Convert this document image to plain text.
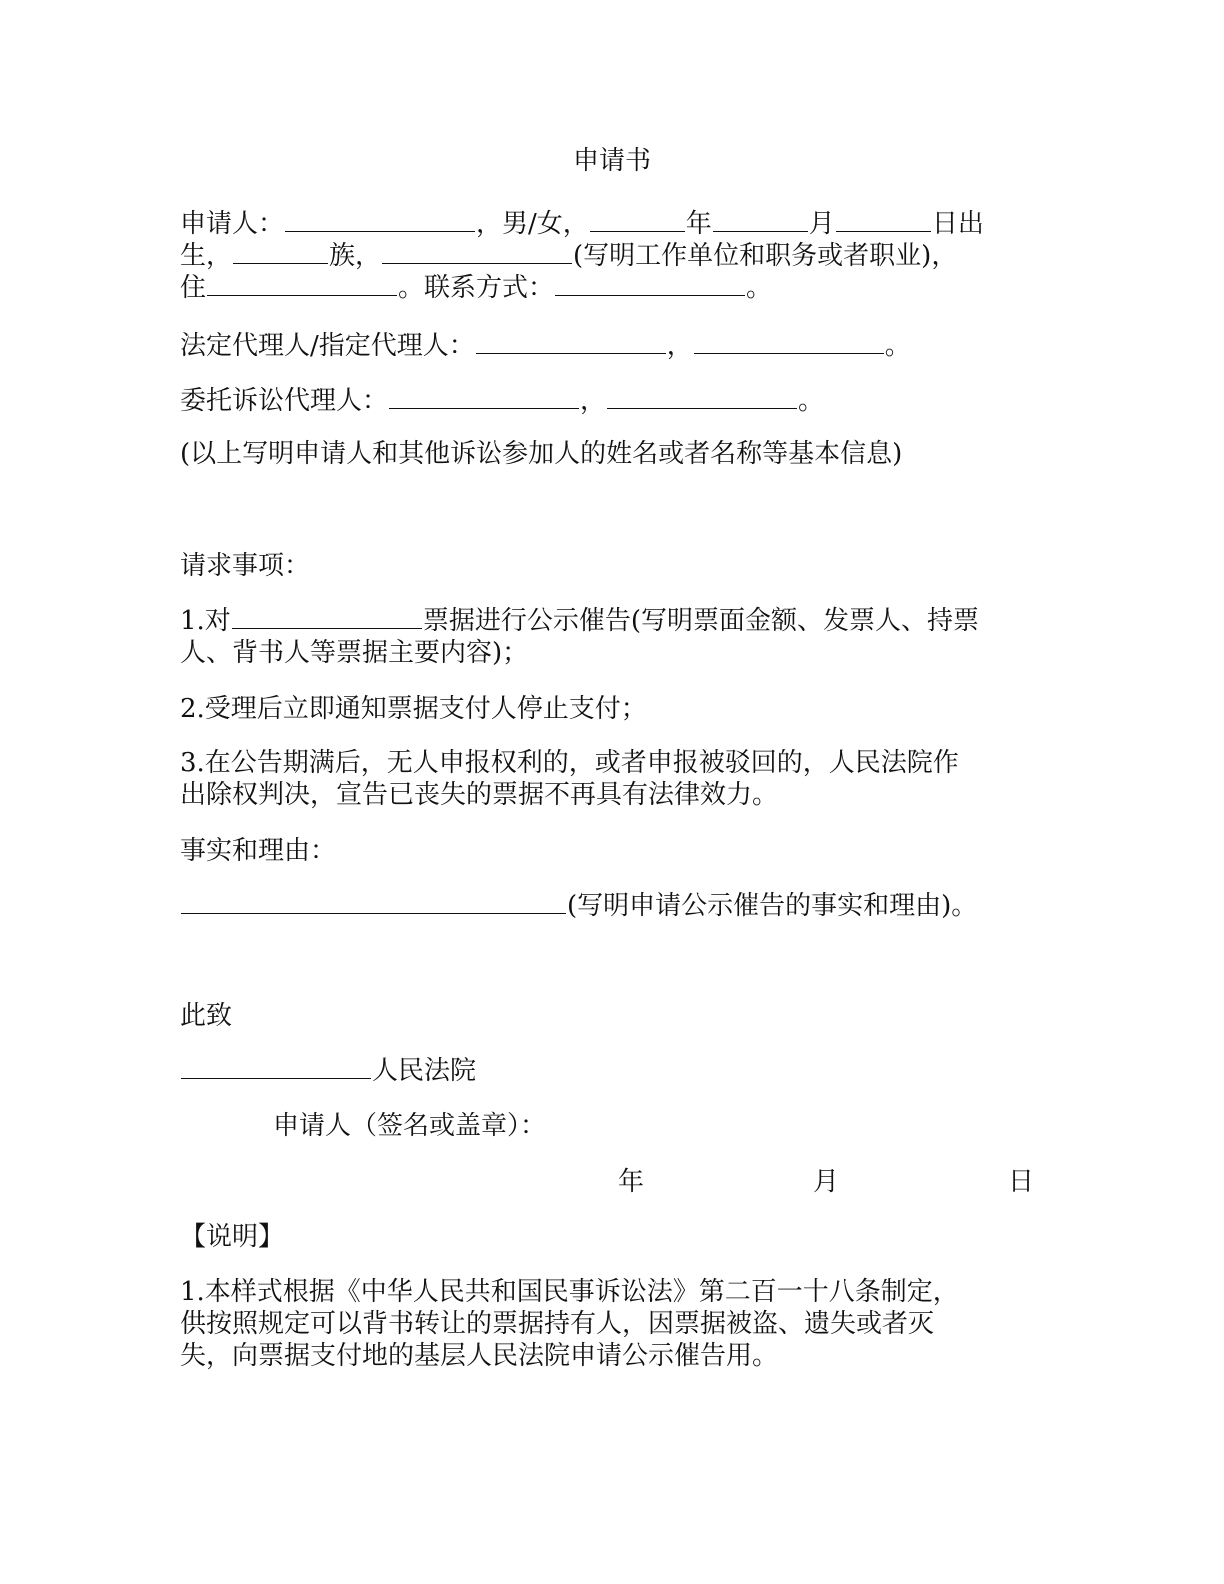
申请书
申请人：	，男/女，	年	月	日出
生，	族，	(写明工作单位和职务或者职业)，
住	。联系方式：	。
法定代理人/指定代理人：	，	。
委托诉讼代理人：	，	。
(以上写明申请人和其他诉讼参加人的姓名或者名称等基本信息)
请求事项：
1.对	票据进行公示催告(写明票面金额、发票人、持票
人、背书人等票据主要内容)；
2.受理后立即通知票据支付人停止支付；
3.在公告期满后，无人申报权利的，或者申报被驳回的，人民法院作
出除权判决，宣告已丧失的票据不再具有法律效力。
事实和理由：
(写明申请公示催告的事实和理由)。
此致
人民法院
申请人（签名或盖章）：
年	月	日
【说明】
1.本样式根据《中华人民共和国民事诉讼法》第二百一十八条制定，
供按照规定可以背书转让的票据持有人，因票据被盗、遗失或者灭
失，向票据支付地的基层人民法院申请公示催告用。
